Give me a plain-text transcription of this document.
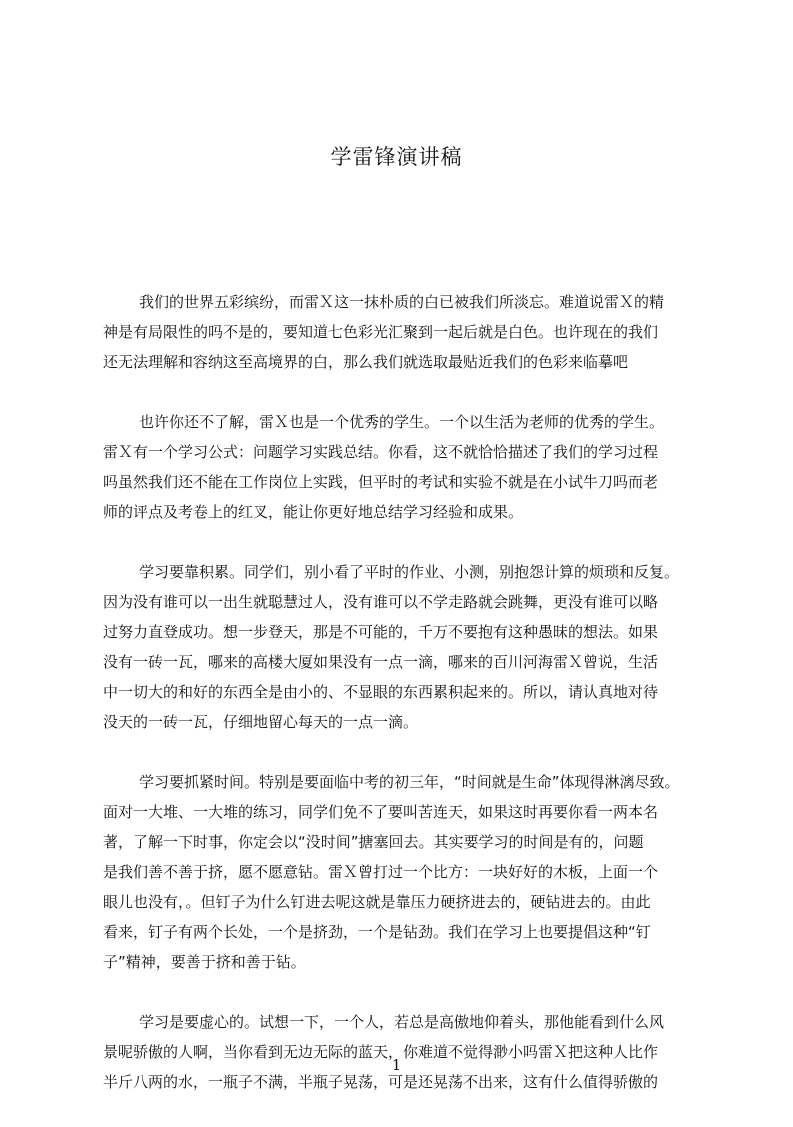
学雷锋演讲稿
我们的世界五彩缤纷，而雷Ｘ这一抹朴质的白已被我们所淡忘。难道说雷Ｘ的精
神是有局限性的吗不是的，要知道七色彩光汇聚到一起后就是白色。也许现在的我们
还无法理解和容纳这至高境界的白，那么我们就选取最贴近我们的色彩来临摹吧
也许你还不了解，雷Ｘ也是一个优秀的学生。一个以生活为老师的优秀的学生。
雷Ｘ有一个学习公式：问题学习实践总结。你看，这不就恰恰描述了我们的学习过程
吗虽然我们还不能在工作岗位上实践，但平时的考试和实验不就是在小试牛刀吗而老
师的评点及考卷上的红叉，能让你更好地总结学习经验和成果。
学习要靠积累。同学们，别小看了平时的作业、小测，别抱怨计算的烦琐和反复。
因为没有谁可以一出生就聪慧过人，没有谁可以不学走路就会跳舞，更没有谁可以略
过努力直登成功。想一步登天，那是不可能的，千万不要抱有这种愚昧的想法。如果
没有一砖一瓦，哪来的高楼大厦如果没有一点一滴，哪来的百川河海雷Ｘ曾说，生活
中一切大的和好的东西全是由小的、不显眼的东西累积起来的。所以，请认真地对待
没天的一砖一瓦，仔细地留心每天的一点一滴。
学习要抓紧时间。特别是要面临中考的初三年，“时间就是生命”体现得淋漓尽致。
面对一大堆、一大堆的练习，同学们免不了要叫苦连天，如果这时再要你看一两本名
著，了解一下时事，你定会以“没时间”搪塞回去。其实要学习的时间是有的，问题
是我们善不善于挤，愿不愿意钻。雷Ｘ曾打过一个比方：一块好好的木板，上面一个
眼儿也没有，。但钉子为什么钉进去呢这就是靠压力硬挤进去的，硬钻进去的。由此
看来，钉子有两个长处，一个是挤劲，一个是钻劲。我们在学习上也要提倡这种“钉
子”精神，要善于挤和善于钻。
学习是要虚心的。试想一下，一个人，若总是高傲地仰着头，那他能看到什么风
景呢骄傲的人啊，当你看到无边无际的蓝天，你难道不觉得渺小吗雷Ｘ把这种人比作
半斤八两的水，一瓶子不满，半瓶子晃荡，可是还晃荡不出来，这有什么值得骄傲的
1
